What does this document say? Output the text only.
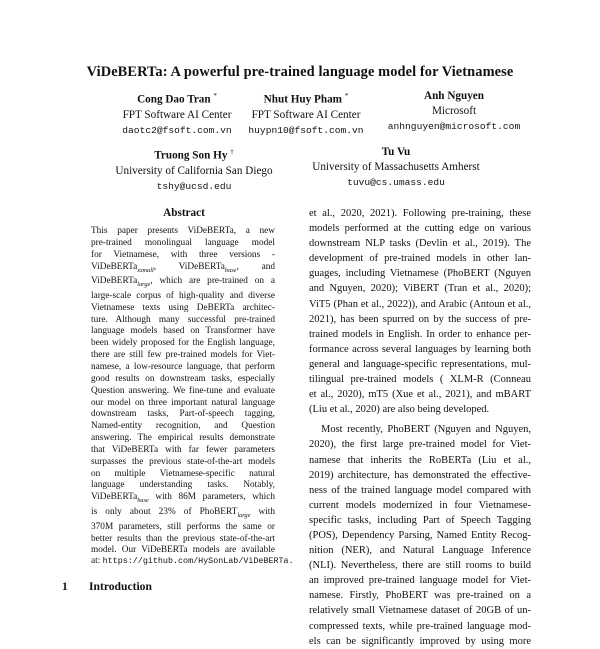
ViDeBERTa: A powerful pre-trained language model for Vietnamese
Cong Dao Tran *
FPT Software AI Center
daotc2@fsoft.com.vn
Nhut Huy Pham *
FPT Software AI Center
huypn10@fsoft.com.vn
Anh Nguyen
Microsoft
anhnguyen@microsoft.com
Truong Son Hy †
University of California San Diego
tshy@ucsd.edu
Tu Vu
University of Massachusetts Amherst
tuvu@cs.umass.edu
Abstract
This paper presents ViDeBERTa, a new
pre-trained monolingual language model
for Vietnamese, with three versions -
ViDeBERTa$_{xsmall}$, ViDeBERTa$_{base}$, and
ViDeBERTa$_{large}$, which are pre-trained on a
large-scale corpus of high-quality and diverse
Vietnamese texts using DeBERTa architec-
ture. Although many successful pre-trained
language models based on Transformer have
been widely proposed for the English language,
there are still few pre-trained models for Viet-
namese, a low-resource language, that perform
good results on downstream tasks, especially
Question answering. We fine-tune and evaluate
our model on three important natural language
downstream tasks, Part-of-speech tagging,
Named-entity recognition, and Question
answering. The empirical results demonstrate
that ViDeBERTa with far fewer parameters
surpasses the previous state-of-the-art models
on multiple Vietnamese-specific natural
language understanding tasks. Notably,
ViDeBERTa$_{base}$ with 86M parameters, which
is only about 23% of PhoBERT$_{large}$ with
370M parameters, still performs the same or
better results than the previous state-of-the-art
model. Our ViDeBERTa models are available
at: https://github.com/HySonLab/ViDeBERTa.
1 Introduction
et al., 2020, 2021). Following pre-training, these
models performed at the cutting edge on various
downstream NLP tasks (Devlin et al., 2019). The
development of pre-trained models in other lan-
guages, including Vietnamese (PhoBERT (Nguyen
and Nguyen, 2020); ViBERT (Tran et al., 2020);
ViT5 (Phan et al., 2022)), and Arabic (Antoun et al.,
2021), has been spurred on by the success of pre-
trained models in English. In order to enhance per-
formance across several languages by learning both
general and language-specific representations, mul-
tilingual pre-trained models ( XLM-R (Conneau
et al., 2020), mT5 (Xue et al., 2021), and mBART
(Liu et al., 2020) are also being developed.
Most recently, PhoBERT (Nguyen and Nguyen,
2020), the first large pre-trained model for Viet-
namese that inherits the RoBERTa (Liu et al.,
2019) architecture, has demonstrated the effective-
ness of the trained language model compared with
current models modernized in four Vietnamese-
specific tasks, including Part of Speech Tagging
(POS), Dependency Parsing, Named Entity Recog-
nition (NER), and Natural Language Inference
(NLI). Nevertheless, there are still rooms to build
an improved pre-trained language model for Viet-
namese. Firstly, PhoBERT was pre-trained on a
relatively small Vietnamese dataset of 20GB of un-
compressed texts, while pre-trained language mod-
els can be significantly improved by using more
